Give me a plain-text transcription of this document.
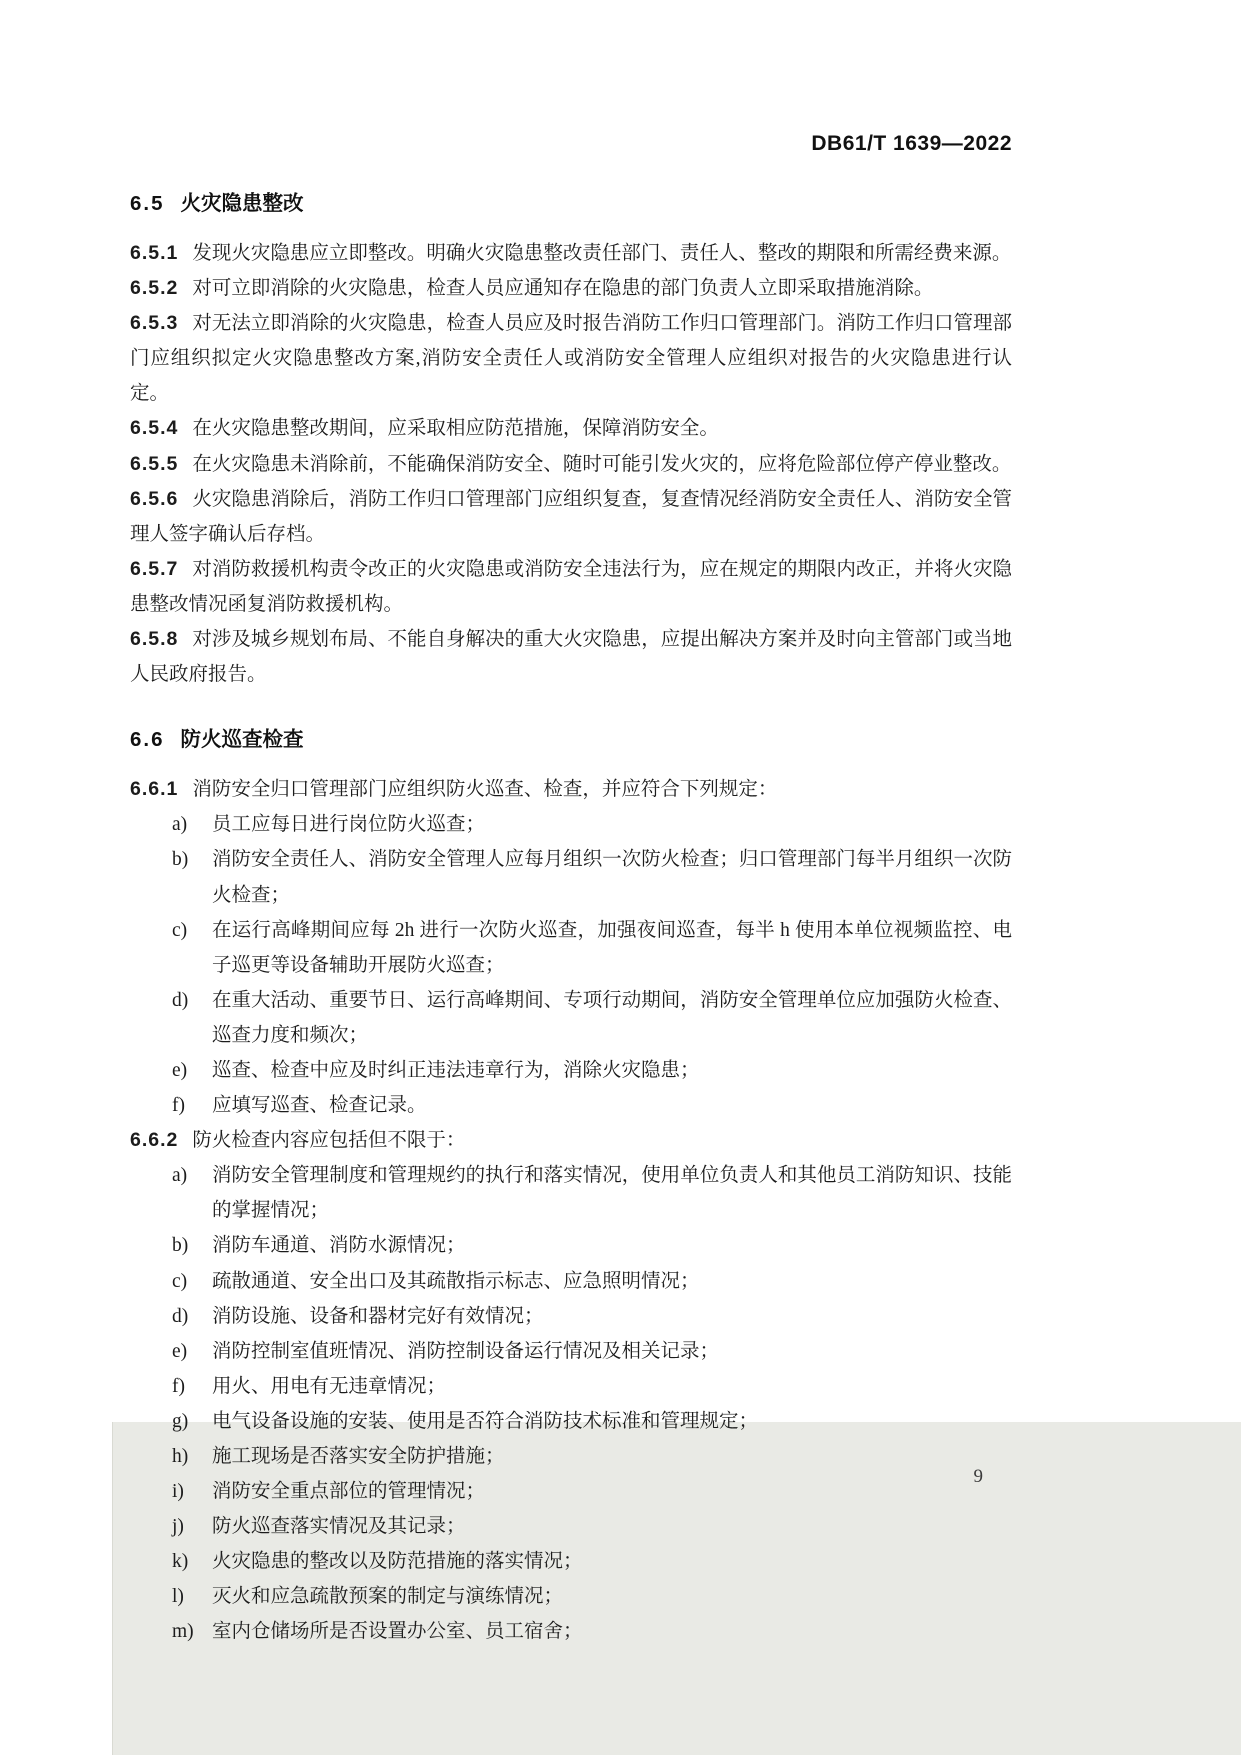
9
DB61/T 1639—2022
6.5 火灾隐患整改

6.5.1 发现火灾隐患应立即整改。明确火灾隐患整改责任部门、责任人、整改的期限和所需经费来源。

6.5.2 对可立即消除的火灾隐患，检查人员应通知存在隐患的部门负责人立即采取措施消除。

6.5.3 对无法立即消除的火灾隐患，检查人员应及时报告消防工作归口管理部门。消防工作归口管理部门应组织拟定火灾隐患整改方案,消防安全责任人或消防安全管理人应组织对报告的火灾隐患进行认定。

6.5.4 在火灾隐患整改期间，应采取相应防范措施，保障消防安全。

6.5.5 在火灾隐患未消除前，不能确保消防安全、随时可能引发火灾的，应将危险部位停产停业整改。

6.5.6 火灾隐患消除后，消防工作归口管理部门应组织复查，复查情况经消防安全责任人、消防安全管理人签字确认后存档。

6.5.7 对消防救援机构责令改正的火灾隐患或消防安全违法行为，应在规定的期限内改正，并将火灾隐患整改情况函复消防救援机构。

6.5.8 对涉及城乡规划布局、不能自身解决的重大火灾隐患，应提出解决方案并及时向主管部门或当地人民政府报告。

6.6 防火巡查检查

6.6.1 消防安全归口管理部门应组织防火巡查、检查，并应符合下列规定：

a)	员工应每日进行岗位防火巡查；
b)	消防安全责任人、消防安全管理人应每月组织一次防火检查；归口管理部门每半月组织一次防火检查；
c)	在运行高峰期间应每 2h 进行一次防火巡查，加强夜间巡查，每半 h 使用本单位视频监控、电子巡更等设备辅助开展防火巡查；
d)	在重大活动、重要节日、运行高峰期间、专项行动期间，消防安全管理单位应加强防火检查、巡查力度和频次；
e)	巡查、检查中应及时纠正违法违章行为，消除火灾隐患；
f)	应填写巡查、检查记录。

6.6.2 防火检查内容应包括但不限于：

a)	消防安全管理制度和管理规约的执行和落实情况，使用单位负责人和其他员工消防知识、技能的掌握情况；
b)	消防车通道、消防水源情况；
c)	疏散通道、安全出口及其疏散指示标志、应急照明情况；
d)	消防设施、设备和器材完好有效情况；
e)	消防控制室值班情况、消防控制设备运行情况及相关记录；
f)	用火、用电有无违章情况；
g)	电气设备设施的安装、使用是否符合消防技术标准和管理规定；
h)	施工现场是否落实安全防护措施；
i)	消防安全重点部位的管理情况；
j)	防火巡查落实情况及其记录；
k)	火灾隐患的整改以及防范措施的落实情况；
l)	灭火和应急疏散预案的制定与演练情况；
m) 室内仓储场所是否设置办公室、员工宿舍；
